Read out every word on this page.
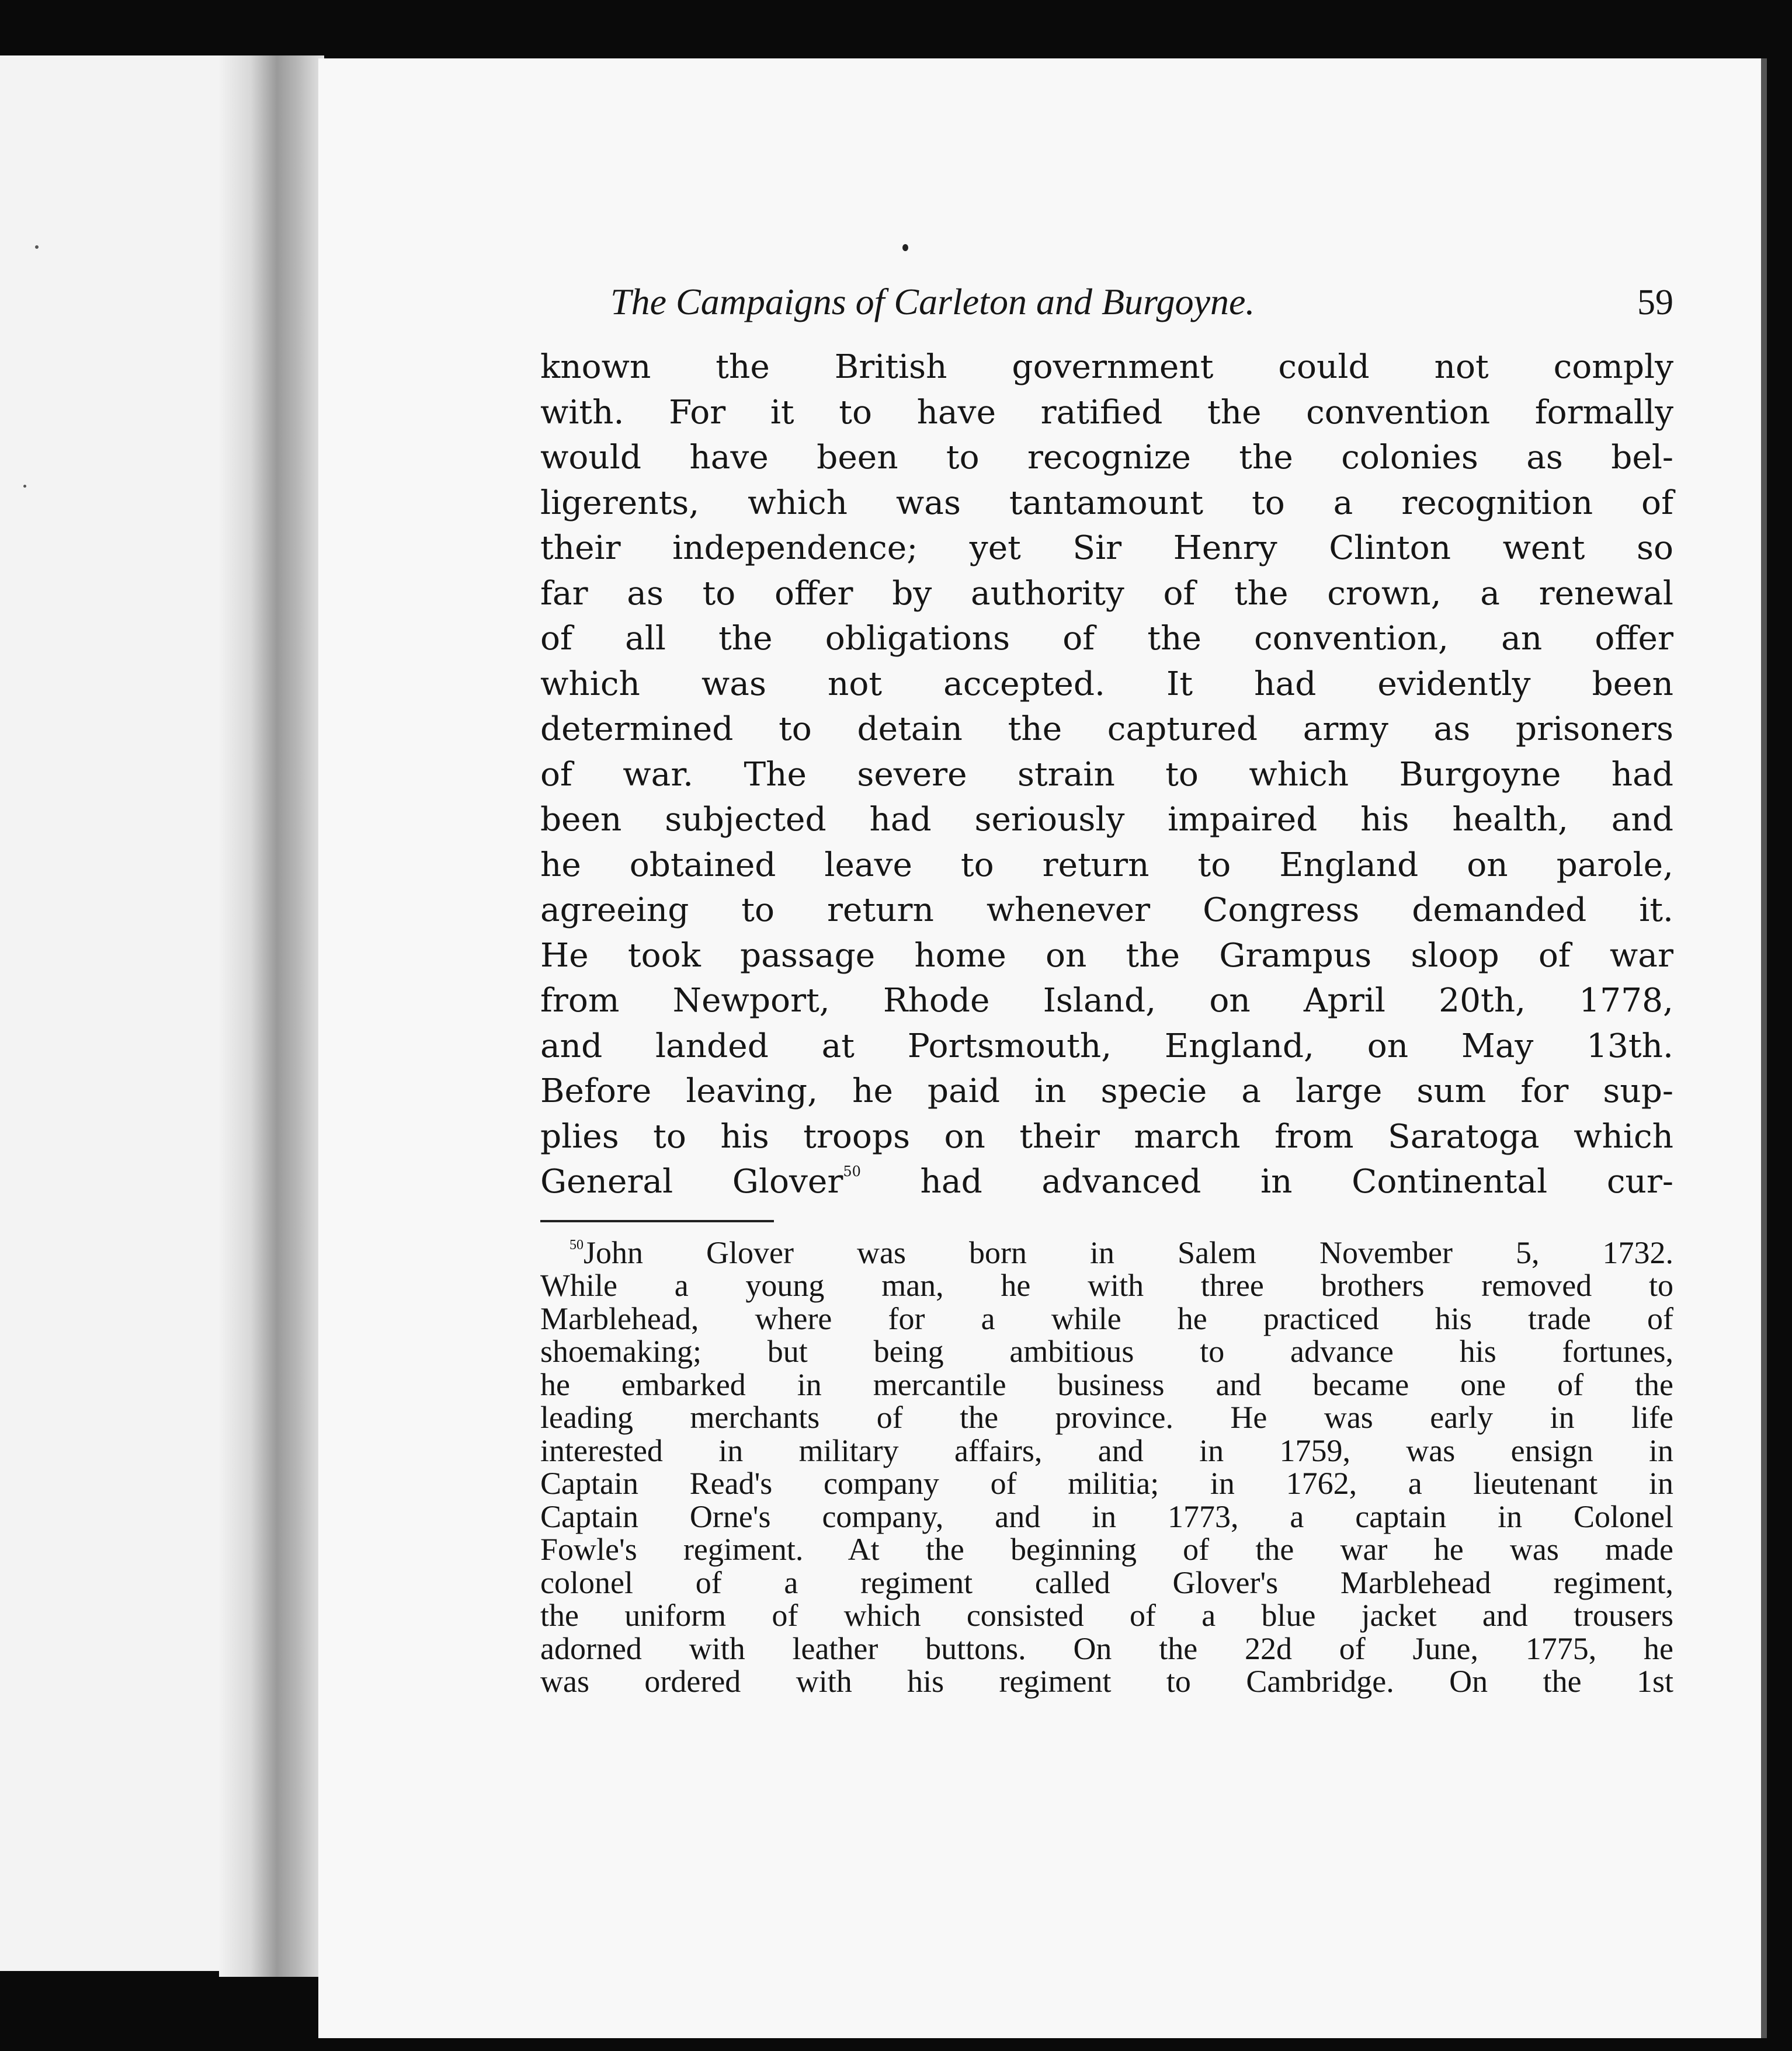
The Campaigns of Carleton and Burgoyne.	59
known the British government could not comply
with. For it to have ratified the convention formally
would have been to recognize the colonies as bel-
ligerents, which was tantamount to a recognition of
their independence; yet Sir Henry Clinton went so
far as to offer by authority of the crown, a renewal
of all the obligations of the convention, an offer
which was not accepted. It had evidently been
determined to detain the captured army as prisoners
of war. The severe strain to which Burgoyne had
been subjected had seriously impaired his health, and
he obtained leave to return to England on parole,
agreeing to return whenever Congress demanded it.
He took passage home on the Grampus sloop of war
from Newport, Rhode Island, on April 20th, 1778,
and landed at Portsmouth, England, on May 13th.
Before leaving, he paid in specie a large sum for sup-
plies to his troops on their march from Saratoga which
General Glover$^{50}$ had advanced in Continental cur-
$^{50}$John Glover was born in Salem November 5, 1732.
While a young man, he with three brothers removed to
Marblehead, where for a while he practiced his trade of
shoemaking; but being ambitious to advance his fortunes,
he embarked in mercantile business and became one of the
leading merchants of the province. He was early in life
interested in military affairs, and in 1759, was ensign in
Captain Read's company of militia; in 1762, a lieutenant in
Captain Orne's company, and in 1773, a captain in Colonel
Fowle's regiment. At the beginning of the war he was made
colonel of a regiment called Glover's Marblehead regiment,
the uniform of which consisted of a blue jacket and trousers
adorned with leather buttons. On the 22d of June, 1775, he
was ordered with his regiment to Cambridge. On the 1st
